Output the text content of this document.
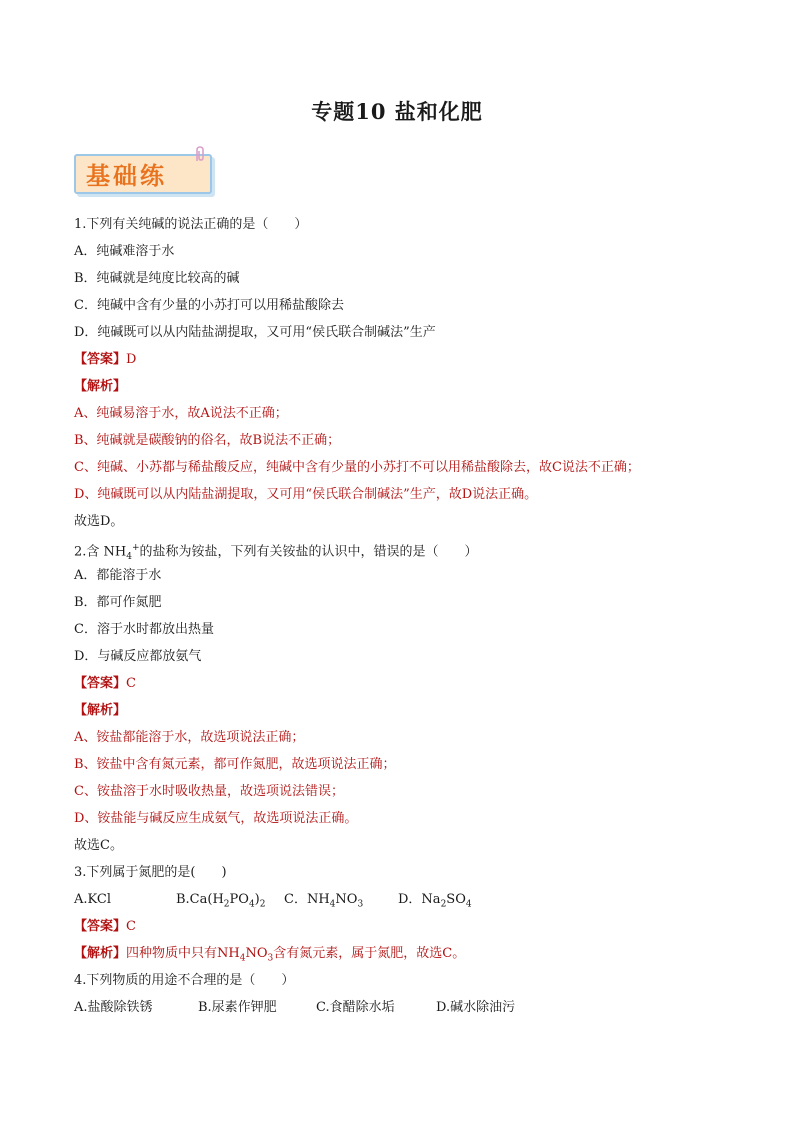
专题10 盐和化肥
基础练
1.下列有关纯碱的说法正确的是（　　）
A．纯碱难溶于水
B．纯碱就是纯度比较高的碱
C．纯碱中含有少量的小苏打可以用稀盐酸除去
D．纯碱既可以从内陆盐湖提取，又可用“侯氏联合制碱法”生产
【答案】D
【解析】
A、纯碱易溶于水，故A说法不正确；
B、纯碱就是碳酸钠的俗名，故B说法不正确；
C、纯碱、小苏都与稀盐酸反应，纯碱中含有少量的小苏打不可以用稀盐酸除去，故C说法不正确；
D、纯碱既可以从内陆盐湖提取，又可用“侯氏联合制碱法”生产，故D说法正确。
故选D。
2.含 $NH_4^+$的盐称为铵盐，下列有关铵盐的认识中，错误的是（　　）
A．都能溶于水
B．都可作氮肥
C．溶于水时都放出热量
D．与碱反应都放氨气
【答案】C
【解析】
A、铵盐都能溶于水，故选项说法正确；
B、铵盐中含有氮元素，都可作氮肥，故选项说法正确；
C、铵盐溶于水时吸收热量，故选项说法错误；
D、铵盐能与碱反应生成氨气，故选项说法正确。
故选C。
3.下列属于氮肥的是(　　)
A.KCl	$B.Ca(H_2PO_4)_2$ C．$NH_4NO_3$	D．$Na_2SO_4$
【答案】C
【解析】四种物质中只有$NH_4NO_3$含有氮元素，属于氮肥，故选C。
4.下列物质的用途不合理的是（　　）
A.盐酸除铁锈	B.尿素作钾肥	C.食醋除水垢	D.碱水除油污
